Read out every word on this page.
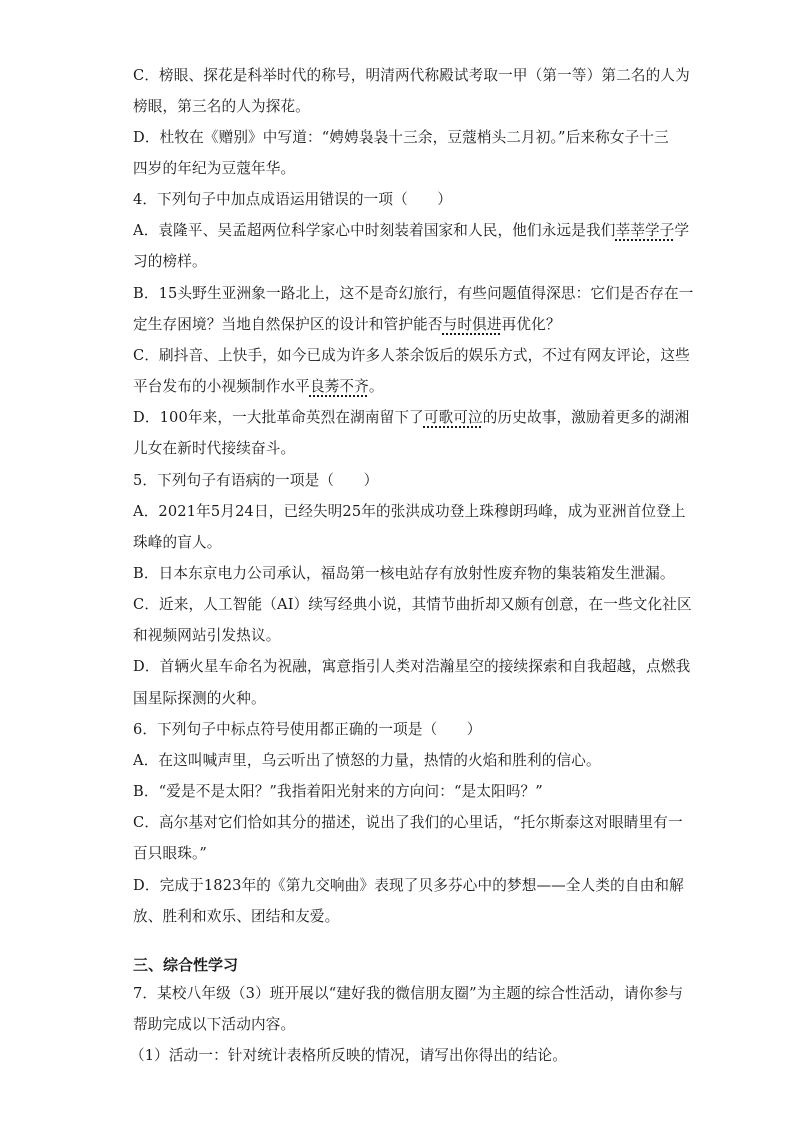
C．榜眼、探花是科举时代的称号，明清两代称殿试考取一甲（第一等）第二名的人为
榜眼，第三名的人为探花。
D．杜牧在《赠别》中写道：“娉娉袅袅十三余，豆蔻梢头二月初。”后来称女子十三
四岁的年纪为豆蔻年华。
4．下列句子中加点成语运用错误的一项（　　）
A．袁隆平、吴孟超两位科学家心中时刻装着国家和人民，他们永远是我们莘莘学子学
习的榜样。
B．15头野生亚洲象一路北上，这不是奇幻旅行，有些问题值得深思：它们是否存在一
定生存困境？当地自然保护区的设计和管护能否与时俱进再优化？
C．刷抖音、上快手，如今已成为许多人茶余饭后的娱乐方式，不过有网友评论，这些
平台发布的小视频制作水平良莠不齐。
D．100年来，一大批革命英烈在湖南留下了可歌可泣的历史故事，激励着更多的湖湘
儿女在新时代接续奋斗。
5．下列句子有语病的一项是（　　）
A．2021年5月24日，已经失明25年的张洪成功登上珠穆朗玛峰，成为亚洲首位登上
珠峰的盲人。
B．日本东京电力公司承认，福岛第一核电站存有放射性废弃物的集装箱发生泄漏。
C．近来，人工智能（AI）续写经典小说，其情节曲折却又颇有创意，在一些文化社区
和视频网站引发热议。
D．首辆火星车命名为祝融，寓意指引人类对浩瀚星空的接续探索和自我超越，点燃我
国星际探测的火种。
6．下列句子中标点符号使用都正确的一项是（　　）
A．在这叫喊声里，乌云听出了愤怒的力量，热情的火焰和胜利的信心。
B．“爱是不是太阳？”我指着阳光射来的方向问：“是太阳吗？”
C．高尔基对它们恰如其分的描述，说出了我们的心里话，“托尔斯泰这对眼睛里有一
百只眼珠。”
D．完成于1823年的《第九交响曲》表现了贝多芬心中的梦想——全人类的自由和解
放、胜利和欢乐、团结和友爱。
三、综合性学习
7．某校八年级（3）班开展以“建好我的微信朋友圈”为主题的综合性活动，请你参与
帮助完成以下活动内容。
（1）活动一：针对统计表格所反映的情况，请写出你得出的结论。
